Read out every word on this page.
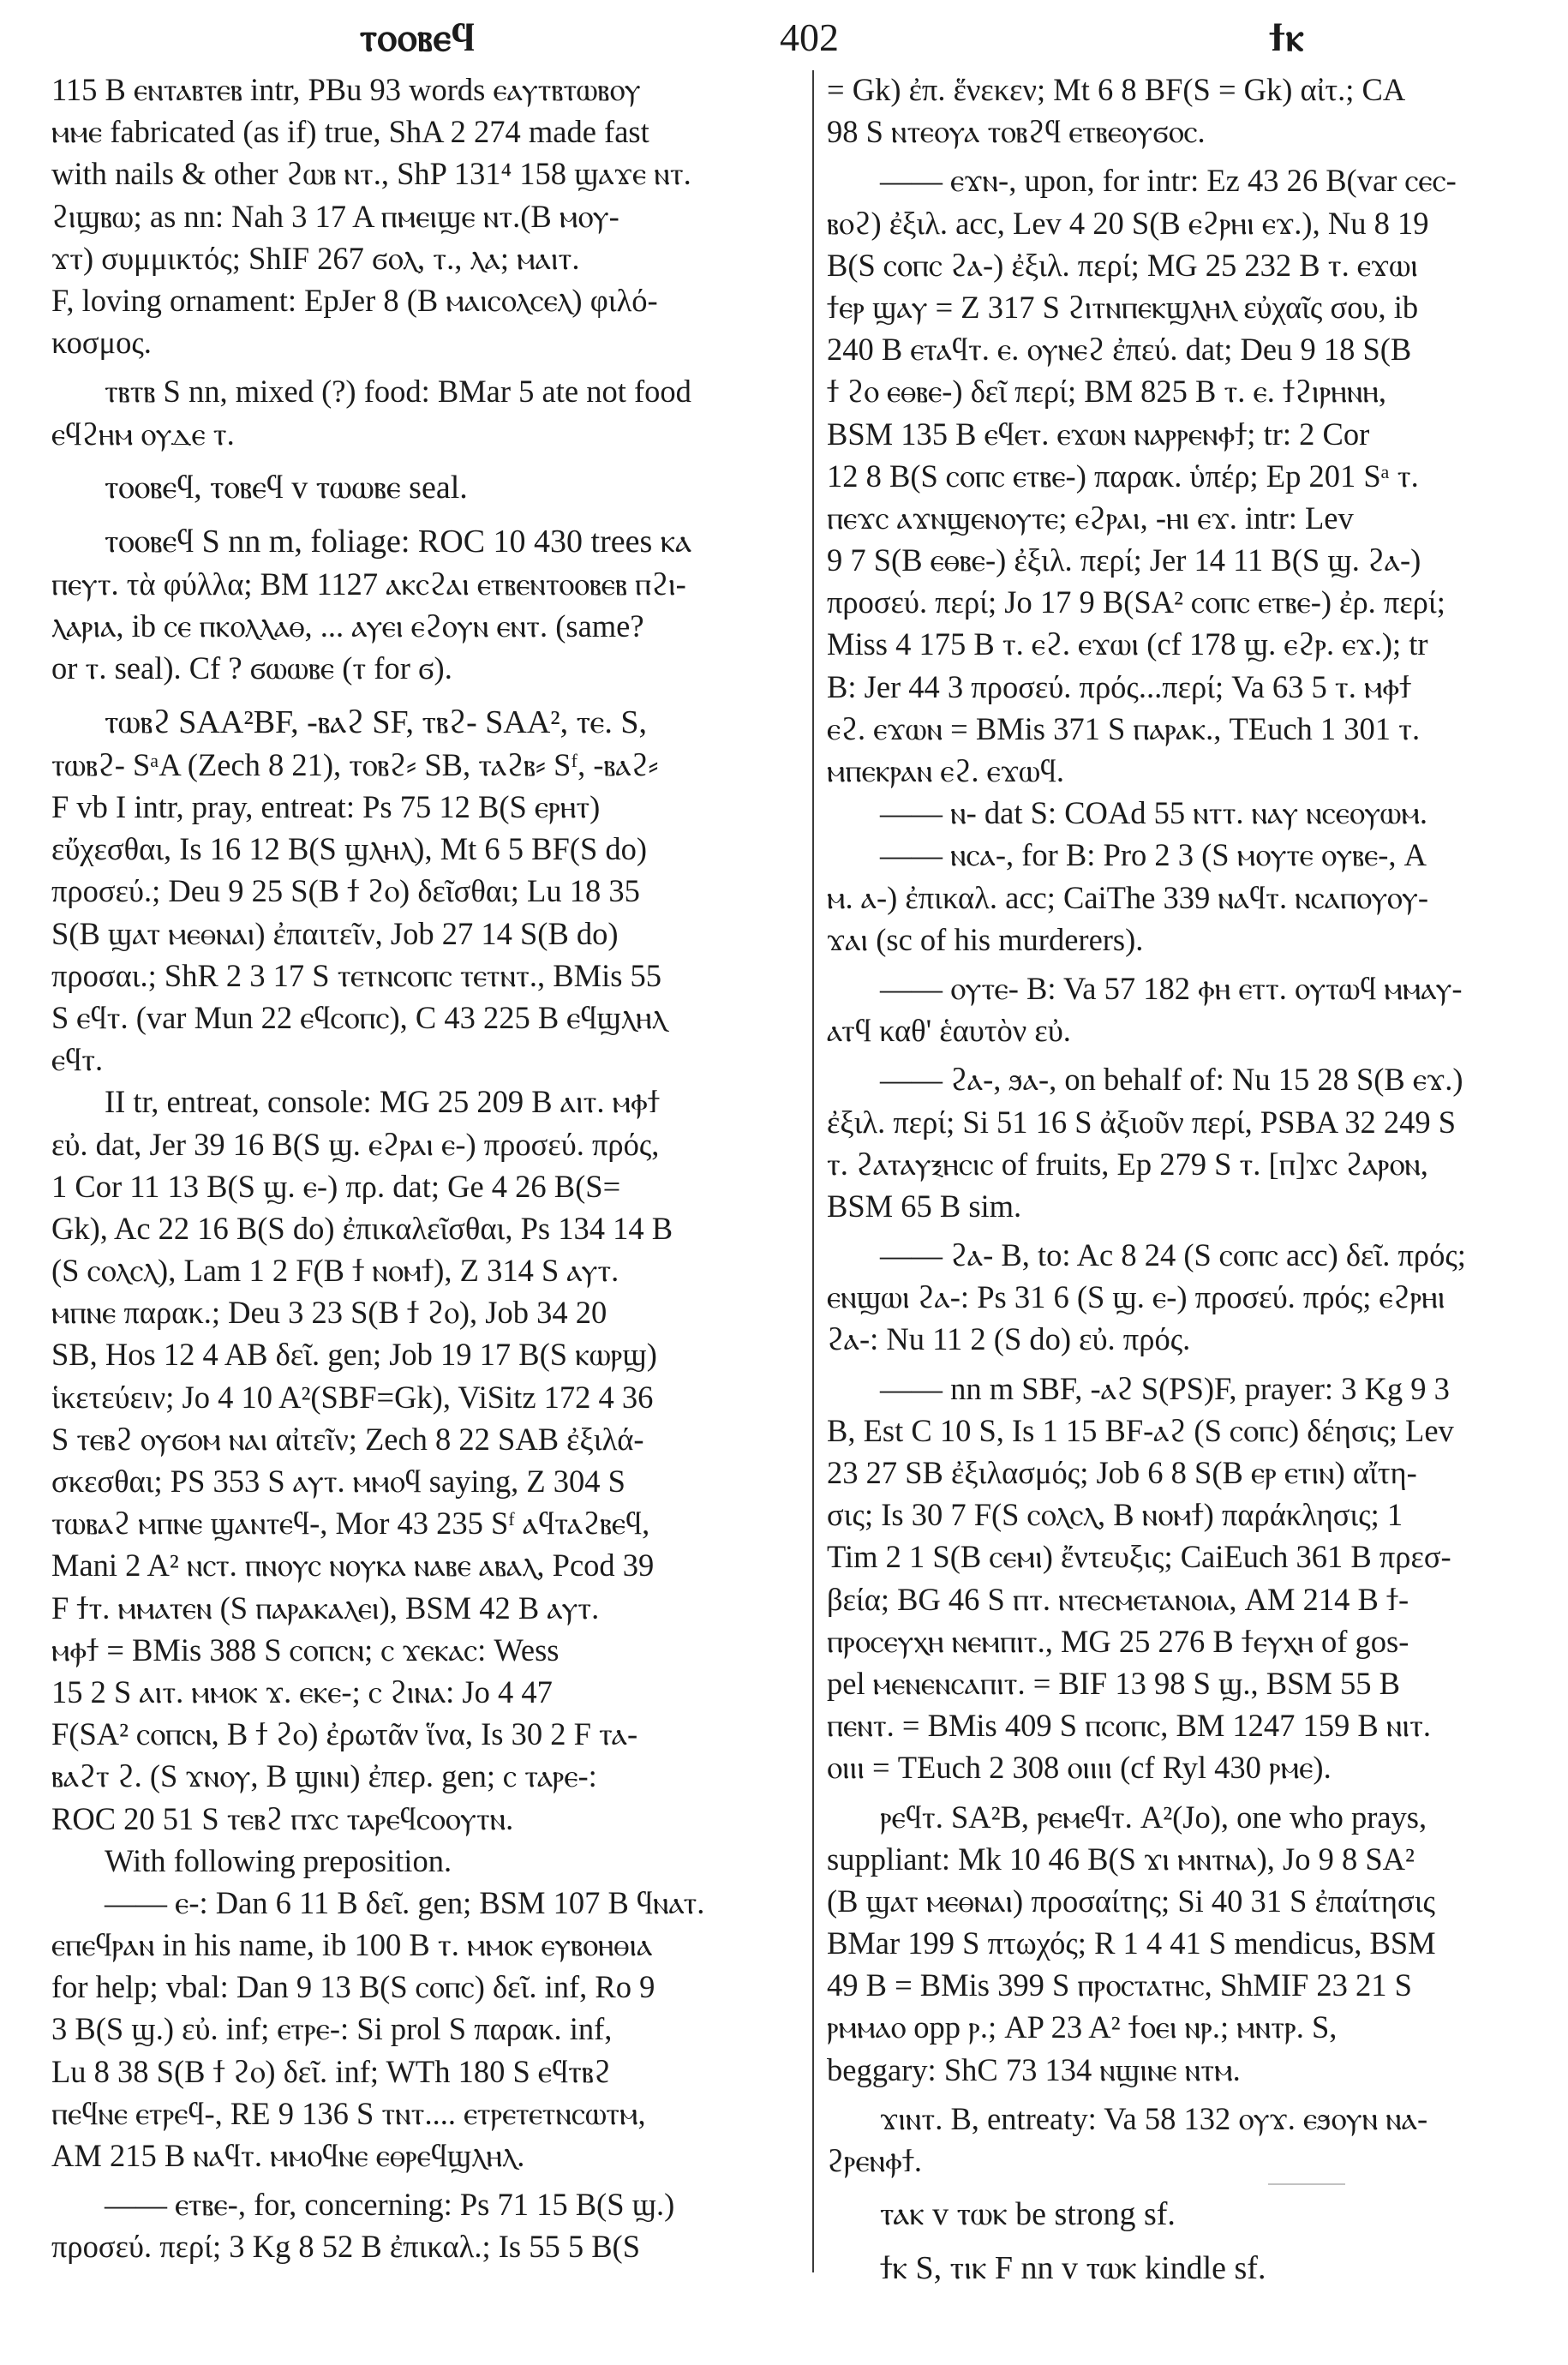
ⲧⲟⲟⲃⲉϥ	402	ϯⲕ
115 B ⲉⲛⲧⲁⲃⲧⲉⲃ intr, PBu 93 words ⲉⲁⲩⲧⲃⲧⲱⲃⲟⲩ
ⲙⲙⲉ fabricated (as if) true, ShA 2 274 made fast
with nails & other ϩⲱⲃ ⲛⲧ., ShP 131⁴ 158 ϣⲁϫⲉ ⲛⲧ.
ϩⲓϣⲃⲱ; as nn: Nah 3 17 A ⲡⲙⲉⲓϣⲉ ⲛⲧ.(B ⲙⲟⲩ-
ϫⲧ) συμμικτός; ShIF 267 ϭⲟⲗ, ⲧ., ⲗⲁ; ⲙⲁⲓⲧ.
F, loving ornament: EpJer 8 (B ⲙⲁⲓⲥⲟⲗⲥⲉⲗ) φιλό-
κοσμος.
ⲧⲃⲧⲃ S nn, mixed (?) food: BMar 5 ate not food
ⲉϥϩⲏⲙ ⲟⲩⲇⲉ ⲧ.
ⲧⲟⲟⲃⲉϥ, ⲧⲟⲃⲉϥ v ⲧⲱⲱⲃⲉ seal.
ⲧⲟⲟⲃⲉϥ S nn m, foliage: ROC 10 430 trees ⲕⲁ
ⲡⲉⲩⲧ. τὰ φύλλα; BM 1127 ⲁⲕⲥϩⲁⲓ ⲉⲧⲃⲉⲛⲧⲟⲟⲃⲉⲃ ⲡϩⲓ-
ⲗⲁⲣⲓⲁ, ib ⲥⲉ ⲡⲕⲟⲗⲗⲁⲑ, ... ⲁⲩⲉⲓ ⲉϩⲟⲩⲛ ⲉⲛⲧ. (same?
or ⲧ. seal). Cf ? ϭⲱⲱⲃⲉ (ⲧ for ϭ).
ⲧⲱⲃϩ SAA²BF, -ⲃⲁϩ SF, ⲧⲃϩ- SAA², ⲧⲉ. S,
ⲧⲱⲃϩ- SᵃA (Zech 8 21), ⲧⲟⲃϩ⸗ SB, ⲧⲁϩⲃ⸗ Sᶠ, -ⲃⲁϩ⸗
F vb I intr, pray, entreat: Ps 75 12 B(S ⲉⲣⲏⲧ)
εὔχεσθαι, Is 16 12 B(S ϣⲗⲏⲗ), Mt 6 5 BF(S do)
προσεύ.; Deu 9 25 S(B ϯ ϩⲟ) δεῖσθαι; Lu 18 35
S(B ϣⲁⲧ ⲙⲉⲑⲛⲁⲓ) ἐπαιτεῖν, Job 27 14 S(B do)
προσαι.; ShR 2 3 17 S ⲧⲉⲧⲛⲥⲟⲡⲥ ⲧⲉⲧⲛⲧ., BMis 55
S ⲉϥⲧ. (var Mun 22 ⲉϥⲥⲟⲡⲥ), C 43 225 B ⲉϥϣⲗⲏⲗ
ⲉϥⲧ.
II tr, entreat, console: MG 25 209 B ⲁⲓⲧ. ⲙⲫϯ
εὐ. dat, Jer 39 16 B(S ϣ. ⲉϩⲣⲁⲓ ⲉ-) προσεύ. πρός,
1 Cor 11 13 B(S ϣ. ⲉ-) πρ. dat; Ge 4 26 B(S=
Gk), Ac 22 16 B(S do) ἐπικαλεῖσθαι, Ps 134 14 B
(S ⲥⲟⲗⲥⲗ), Lam 1 2 F(B ϯ ⲛⲟⲙϯ), Z 314 S ⲁⲩⲧ.
ⲙⲡⲛⲉ παρακ.; Deu 3 23 S(B ϯ ϩⲟ), Job 34 20
SB, Hos 12 4 AB δεῖ. gen; Job 19 17 B(S ⲕⲱⲣϣ)
ἱκετεύειν; Jo 4 10 A²(SBF=Gk), ViSitz 172 4 36
S ⲧⲉⲃϩ ⲟⲩϭⲟⲙ ⲛⲁⲓ αἰτεῖν; Zech 8 22 SAB ἐξιλά-
σκεσθαι; PS 353 S ⲁⲩⲧ. ⲙⲙⲟϥ saying, Z 304 S
ⲧⲱⲃⲁϩ ⲙⲡⲛⲉ ϣⲁⲛⲧⲉϥ-, Mor 43 235 Sᶠ ⲁϥⲧⲁϩⲃⲉϥ,
Mani 2 A² ⲛⲥⲧ. ⲡⲛⲟⲩⲥ ⲛⲟⲩⲕⲁ ⲛⲁⲃⲉ ⲁⲃⲁⲗ, Pcod 39
F ϯⲧ. ⲙⲙⲁⲧⲉⲛ (S ⲡⲁⲣⲁⲕⲁⲗⲉⲓ), BSM 42 B ⲁⲩⲧ.
ⲙⲫϯ = BMis 388 S ⲥⲟⲡⲥⲛ; ⲥ ϫⲉⲕⲁⲥ: Wess
15 2 S ⲁⲓⲧ. ⲙⲙⲟⲕ ϫ. ⲉⲕⲉ-; ⲥ ϩⲓⲛⲁ: Jo 4 47
F(SA² ⲥⲟⲡⲥⲛ, B ϯ ϩⲟ) ἐρωτᾶν ἵνα, Is 30 2 F ⲧⲁ-
ⲃⲁϩⲧ ϩ. (S ϫⲛⲟⲩ, B ϣⲓⲛⲓ) ἐπερ. gen; ⲥ ⲧⲁⲣⲉ-:
ROC 20 51 S ⲧⲉⲃϩ ⲡϫⲥ ⲧⲁⲣⲉϥⲥⲟⲟⲩⲧⲛ.
With following preposition.
—— ⲉ-: Dan 6 11 B δεῖ. gen; BSM 107 B ϥⲛⲁⲧ.
ⲉⲡⲉϥⲣⲁⲛ in his name, ib 100 B ⲧ. ⲙⲙⲟⲕ ⲉⲩⲃⲟⲏⲑⲓⲁ
for help; vbal: Dan 9 13 B(S ⲥⲟⲡⲥ) δεῖ. inf, Ro 9
3 B(S ϣ.) εὐ. inf; ⲉⲧⲣⲉ-: Si prol S παρακ. inf,
Lu 8 38 S(B ϯ ϩⲟ) δεῖ. inf; WTh 180 S ⲉϥⲧⲃϩ
ⲡⲉϥⲛⲉ ⲉⲧⲣⲉϥ-, RE 9 136 S ⲧⲛⲧ.... ⲉⲧⲣⲉⲧⲉⲧⲛⲥⲱⲧⲙ,
AM 215 B ⲛⲁϥⲧ. ⲙⲙⲟϥⲛⲉ ⲉⲑⲣⲉϥϣⲗⲏⲗ.
—— ⲉⲧⲃⲉ-, for, concerning: Ps 71 15 B(S ϣ.)
προσεύ. περί; 3 Kg 8 52 B ἐπικαλ.; Is 55 5 B(S
= Gk) ἐπ. ἕνεκεν; Mt 6 8 BF(S = Gk) αἰτ.; CA
98 S ⲛⲧⲉⲟⲩⲁ ⲧⲟⲃϩϥ ⲉⲧⲃⲉⲟⲩϭⲟⲥ.
—— ⲉϫⲛ-, upon, for intr: Ez 43 26 B(var ⲥⲉⲥ-
ⲃⲟϩ) ἐξιλ. acc, Lev 4 20 S(B ⲉϩⲣⲏⲓ ⲉϫ.), Nu 8 19
B(S ⲥⲟⲡⲥ ϩⲁ-) ἐξιλ. περί; MG 25 232 B ⲧ. ⲉϫⲱⲓ
ϯⲉⲣ ϣⲁⲩ = Z 317 S ϩⲓⲧⲛⲡⲉⲕϣⲗⲏⲗ εὐχαῖς σου, ib
240 B ⲉⲧⲁϥⲧ. ⲉ. ⲟⲩⲛⲉϩ ἐπεύ. dat; Deu 9 18 S(B
ϯ ϩⲟ ⲉⲑⲃⲉ-) δεῖ περί; BM 825 B ⲧ. ⲉ. ϯϩⲓⲣⲏⲛⲏ,
BSM 135 B ⲉϥⲉⲧ. ⲉϫⲱⲛ ⲛⲁⲣⲣⲉⲛⲫϯ; tr: 2 Cor
12 8 B(S ⲥⲟⲡⲥ ⲉⲧⲃⲉ-) παρακ. ὑπέρ; Ep 201 Sᵃ ⲧ.
ⲡⲉϫⲥ ⲁϫⲛϣⲉⲛⲟⲩⲧⲉ; ⲉϩⲣⲁⲓ, -ⲏⲓ ⲉϫ. intr: Lev
9 7 S(B ⲉⲑⲃⲉ-) ἐξιλ. περί; Jer 14 11 B(S ϣ. ϩⲁ-)
προσεύ. περί; Jo 17 9 B(SA² ⲥⲟⲡⲥ ⲉⲧⲃⲉ-) ἐρ. περί;
Miss 4 175 B ⲧ. ⲉϩ. ⲉϫⲱⲓ (cf 178 ϣ. ⲉϩⲣ. ⲉϫ.); tr
B: Jer 44 3 προσεύ. πρός...περί; Va 63 5 ⲧ. ⲙⲫϯ
ⲉϩ. ⲉϫⲱⲛ = BMis 371 S ⲡⲁⲣⲁⲕ., TEuch 1 301 ⲧ.
ⲙⲡⲉⲕⲣⲁⲛ ⲉϩ. ⲉϫⲱϥ.
—— ⲛ- dat S: COAd 55 ⲛⲧⲧ. ⲛⲁⲩ ⲛⲥⲉⲟⲩⲱⲙ.
—— ⲛⲥⲁ-, for B: Pro 2 3 (S ⲙⲟⲩⲧⲉ ⲟⲩⲃⲉ-, A
ⲙ. ⲁ-) ἐπικαλ. acc; CaiThe 339 ⲛⲁϥⲧ. ⲛⲥⲁⲡⲟⲩⲟⲩ-
ϫⲁⲓ (sc of his murderers).
—— ⲟⲩⲧⲉ- B: Va 57 182 ⲫⲏ ⲉⲧⲧ. ⲟⲩⲧⲱϥ ⲙⲙⲁⲩ-
ⲁⲧϥ καθ' ἑαυτὸν εὐ.
—— ϩⲁ-, ϧⲁ-, on behalf of: Nu 15 28 S(B ⲉϫ.)
ἐξιλ. περί; Si 51 16 S ἀξιοῦν περί, PSBA 32 249 S
ⲧ. ϩⲁⲧⲁⲩⲝⲏⲥⲓⲥ of fruits, Ep 279 S ⲧ. [ⲡ]ϫⲥ ϩⲁⲣⲟⲛ,
BSM 65 B sim.
—— ϩⲁ- B, to: Ac 8 24 (S ⲥⲟⲡⲥ acc) δεῖ. πρός;
ⲉⲛϣⲱⲓ ϩⲁ-: Ps 31 6 (S ϣ. ⲉ-) προσεύ. πρός; ⲉϩⲣⲏⲓ
ϩⲁ-: Nu 11 2 (S do) εὐ. πρός.
—— nn m SBF, -ⲁϩ S(PS)F, prayer: 3 Kg 9 3
B, Est C 10 S, Is 1 15 BF-ⲁϩ (S ⲥⲟⲡⲥ) δέησις; Lev
23 27 SB ἐξιλασμός; Job 6 8 S(B ⲉⲣ ⲉⲧⲓⲛ) αἴτη-
σις; Is 30 7 F(S ⲥⲟⲗⲥⲗ, B ⲛⲟⲙϯ) παράκλησις; 1
Tim 2 1 S(B ⲥⲉⲙⲓ) ἔντευξις; CaiEuch 361 B πρεσ-
βεία; BG 46 S ⲡⲧ. ⲛⲧⲉⲥⲙⲉⲧⲁⲛⲟⲓⲁ, AM 214 B ϯ-
ⲡⲣⲟⲥⲉⲩⲭⲏ ⲛⲉⲙⲡⲓⲧ., MG 25 276 B ϯⲉⲩⲭⲏ of gos-
pel ⲙⲉⲛⲉⲛⲥⲁⲡⲓⲧ. = BIF 13 98 S ϣ., BSM 55 B
ⲡⲉⲛⲧ. = BMis 409 S ⲡⲥⲟⲡⲥ, BM 1247 159 B ⲛⲓⲧ.
ⲟⲓⲓⲓ = TEuch 2 308 ⲟⲓⲓⲓⲓ (cf Ryl 430 ⲣⲙⲉ).
ⲣⲉϥⲧ. SA²B, ⲣⲉⲙⲉϥⲧ. A²(Jo), one who prays,
suppliant: Mk 10 46 B(S ϫⲓ ⲙⲛⲧⲛⲁ), Jo 9 8 SA²
(B ϣⲁⲧ ⲙⲉⲑⲛⲁⲓ) προσαίτης; Si 40 31 S ἐπαίτησις
BMar 199 S πτωχός; R 1 4 41 S mendicus, BSM
49 B = BMis 399 S ⲡⲣⲟⲥⲧⲁⲧⲏⲥ, ShMIF 23 21 S
ⲣⲙⲙⲁⲟ opp ⲣ.; AP 23 A² ϯⲟⲉⲓ ⲛⲣ.; ⲙⲛⲧⲣ. S,
beggary: ShC 73 134 ⲛϣⲓⲛⲉ ⲛⲧⲙ.
ϫⲓⲛⲧ. B, entreaty: Va 58 132 ⲟⲩϫ. ⲉϧⲟⲩⲛ ⲛⲁ-
ϩⲣⲉⲛⲫϯ.
ⲧⲁⲕ v ⲧⲱⲕ be strong sf.
ϯⲕ S, ⲧⲓⲕ F nn v ⲧⲱⲕ kindle sf.
